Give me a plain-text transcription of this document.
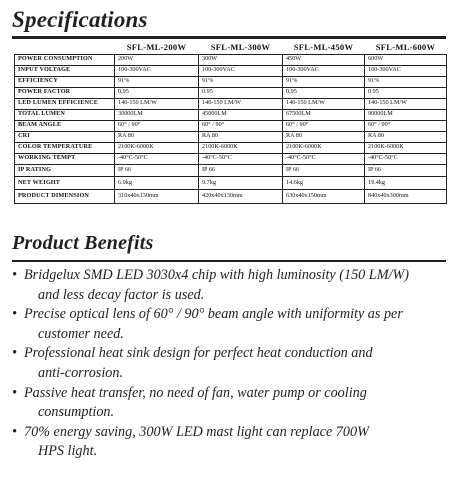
Specifications
	SFL-ML-200W	SFL-ML-300W	SFL-ML-450W	SFL-ML-600W
POWER CONSUMPTION	200W	300W	450W	600W
INPUT VOLTAGE	100-300VAC	100-300VAC	100-300VAC	100-300VAC
EFFICIENCY	91%	91%	91%	91%
POWER FACTOR	0.95	0.95	0.95	0.95
LED LUMEN EFFICIENCE	140-150 LM/W	140-150 LM/W	140-150 LM/W	140-150 LM/W
TOTAL LUMEN	30000LM	45000LM	67500LM	90000LM
BEAM ANGLE	60° / 90°	60° / 90°	60° / 90°	60° / 90°
CRI	RA 80	RA 80	RA 80	RA 80
COLOR TEMPERATURE	2100K-6000K	2100K-6000K	2100K-6000K	2100K-6000K
WORKING TEMPT	-40°C-50°C	-40°C-50°C	-40°C-50°C	-40°C-50°C
IP RATING	IP 66	IP 66	IP 66	IP 66
NET WEIGHT	6.9kg	9.7kg	14.6kg	19.4kg
PRODUCT DIMENSION	310x40x130mm	420x40x130mm	630x40x150mm	840x40x300mm
Product Benefits
• Bridgelux SMD LED 3030x4 chip with high luminosity (150 LM/W)
and less decay factor is used.
• Precise optical lens of 60° / 90° beam angle with uniformity as per
customer need.
• Professional heat sink design for perfect heat conduction and
anti-corrosion.
• Passive heat transfer, no need of fan, water pump or cooling
consumption.
• 70% energy saving, 300W LED mast light can replace 700W
HPS light.
